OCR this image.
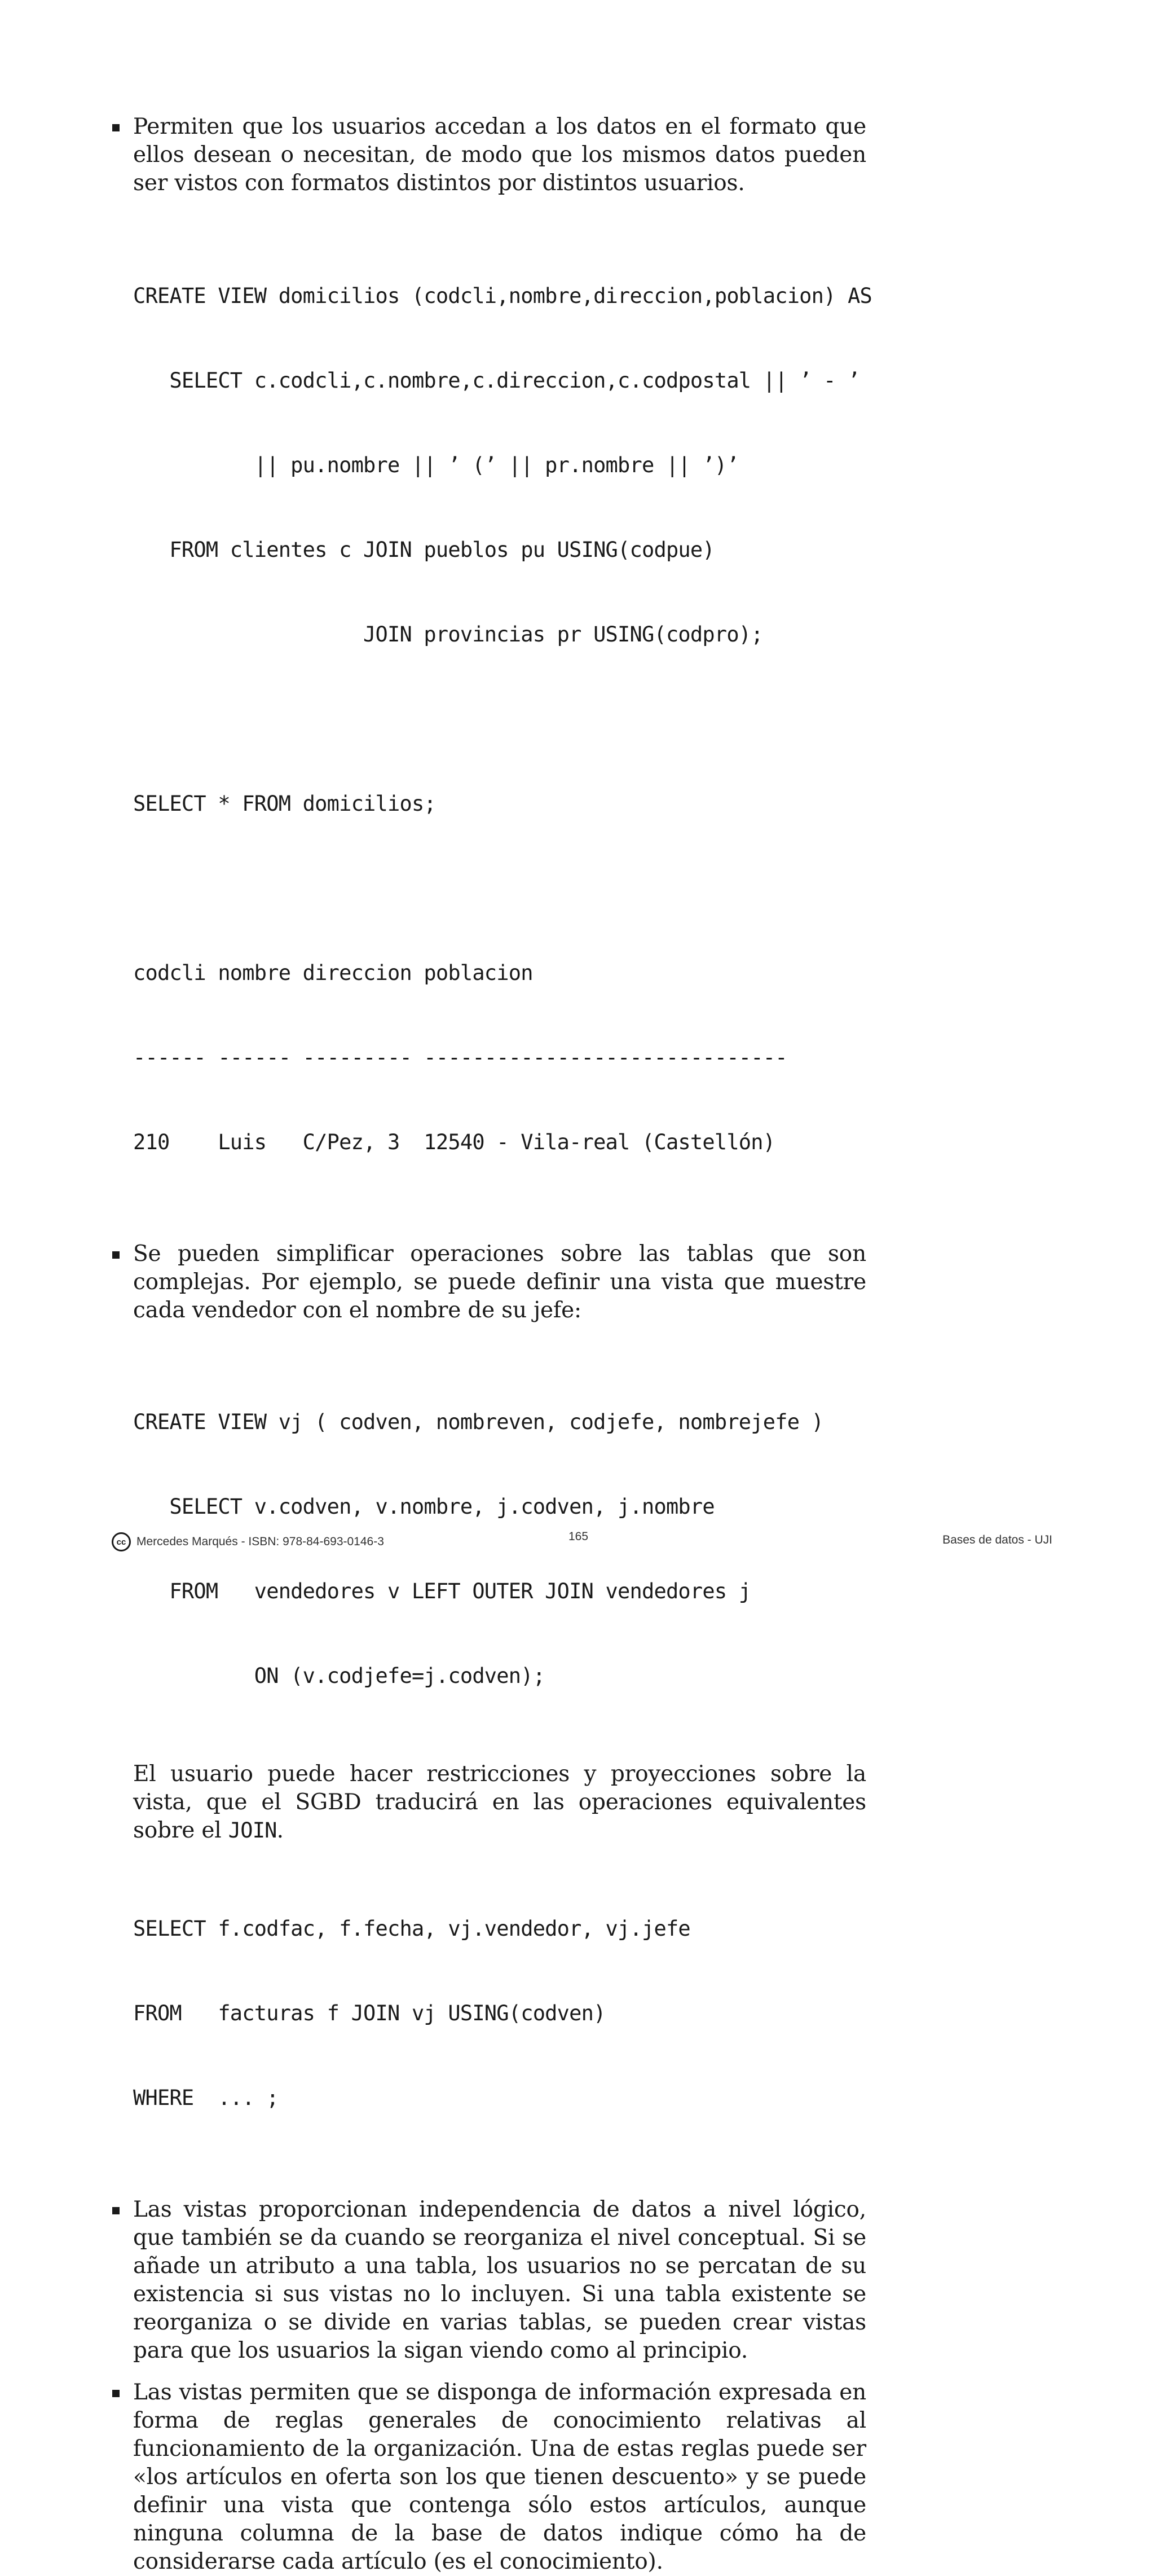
Permiten que los usuarios accedan a los datos en el formato que ellos desean o necesitan, de modo que los mismos datos pueden ser vistos con formatos distintos por distintos usuarios.

CREATE VIEW domicilios (codcli,nombre,direccion,poblacion) AS

SELECT c.codcli,c.nombre,c.direccion,c.codpostal || ’ - ’

|| pu.nombre || ’ (’ || pr.nombre || ’)’

FROM clientes c JOIN pueblos pu USING(codpue)

JOIN provincias pr USING(codpro);

SELECT * FROM domicilios;

codcli nombre direccion poblacion

------ ------ --------- ------------------------------

210    Luis   C/Pez, 3  12540 - Vila-real (Castellón)

Se pueden simplificar operaciones sobre las tablas que son complejas. Por ejemplo, se puede definir una vista que muestre cada vendedor con el nombre de su jefe:

CREATE VIEW vj ( codven, nombreven, codjefe, nombrejefe )

SELECT v.codven, v.nombre, j.codven, j.nombre

FROM   vendedores v LEFT OUTER JOIN vendedores j

ON (v.codjefe=j.codven);

El usuario puede hacer restricciones y proyecciones sobre la vista, que el SGBD traducirá en las operaciones equivalentes sobre el JOIN.

SELECT f.codfac, f.fecha, vj.vendedor, vj.jefe

FROM   facturas f JOIN vj USING(codven)

WHERE  ... ;

Las vistas proporcionan independencia de datos a nivel lógico, que también se da cuando se reorganiza el nivel conceptual. Si se añade un atributo a una tabla, los usuarios no se percatan de su existencia si sus vistas no lo incluyen. Si una tabla existente se reorganiza o se divide en varias tablas, se pueden crear vistas para que los usuarios la sigan viendo como al principio.

Las vistas permiten que se disponga de información expresada en forma de reglas generales de conocimiento relativas al funcionamiento de la organización. Una de estas reglas puede ser «los artículos en oferta son los que tienen descuento» y se puede definir una vista que contenga sólo estos artículos, aunque ninguna columna de la base de datos indique cómo ha de considerarse cada artículo (es el conocimiento).

cc Mercedes Marqués - ISBN: 978-84-693-0146-3	165	Bases de datos - UJI
